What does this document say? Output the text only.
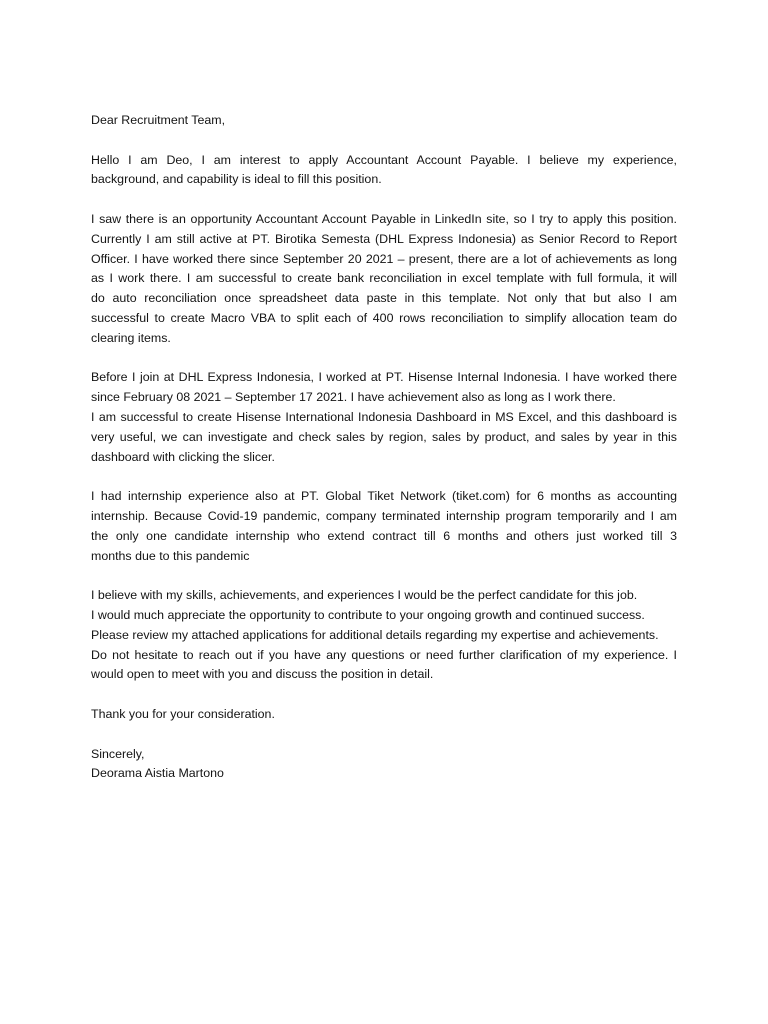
Dear Recruitment Team,

Hello I am Deo, I am interest to apply Accountant Account Payable. I believe my experience,
background, and capability is ideal to fill this position.

I saw there is an opportunity Accountant Account Payable in LinkedIn site, so I try to apply this position.
Currently I am still active at PT. Birotika Semesta (DHL Express Indonesia) as Senior Record to Report
Officer. I have worked there since September 20 2021 – present, there are a lot of achievements as long
as I work there. I am successful to create bank reconciliation in excel template with full formula, it will
do auto reconciliation once spreadsheet data paste in this template. Not only that but also I am
successful to create Macro VBA to split each of 400 rows reconciliation to simplify allocation team do
clearing items.

Before I join at DHL Express Indonesia, I worked at PT. Hisense Internal Indonesia. I have worked there
since February 08 2021 – September 17 2021. I have achievement also as long as I work there.
I am successful to create Hisense International Indonesia Dashboard in MS Excel, and this dashboard is
very useful, we can investigate and check sales by region, sales by product, and sales by year in this
dashboard with clicking the slicer.

I had internship experience also at PT. Global Tiket Network (tiket.com) for 6 months as accounting
internship. Because Covid-19 pandemic, company terminated internship program temporarily and I am
the only one candidate internship who extend contract till 6 months and others just worked till 3
months due to this pandemic

I believe with my skills, achievements, and experiences I would be the perfect candidate for this job.
I would much appreciate the opportunity to contribute to your ongoing growth and continued success.
Please review my attached applications for additional details regarding my expertise and achievements.
Do not hesitate to reach out if you have any questions or need further clarification of my experience. I
would open to meet with you and discuss the position in detail.

Thank you for your consideration.

Sincerely,
Deorama Aistia Martono
